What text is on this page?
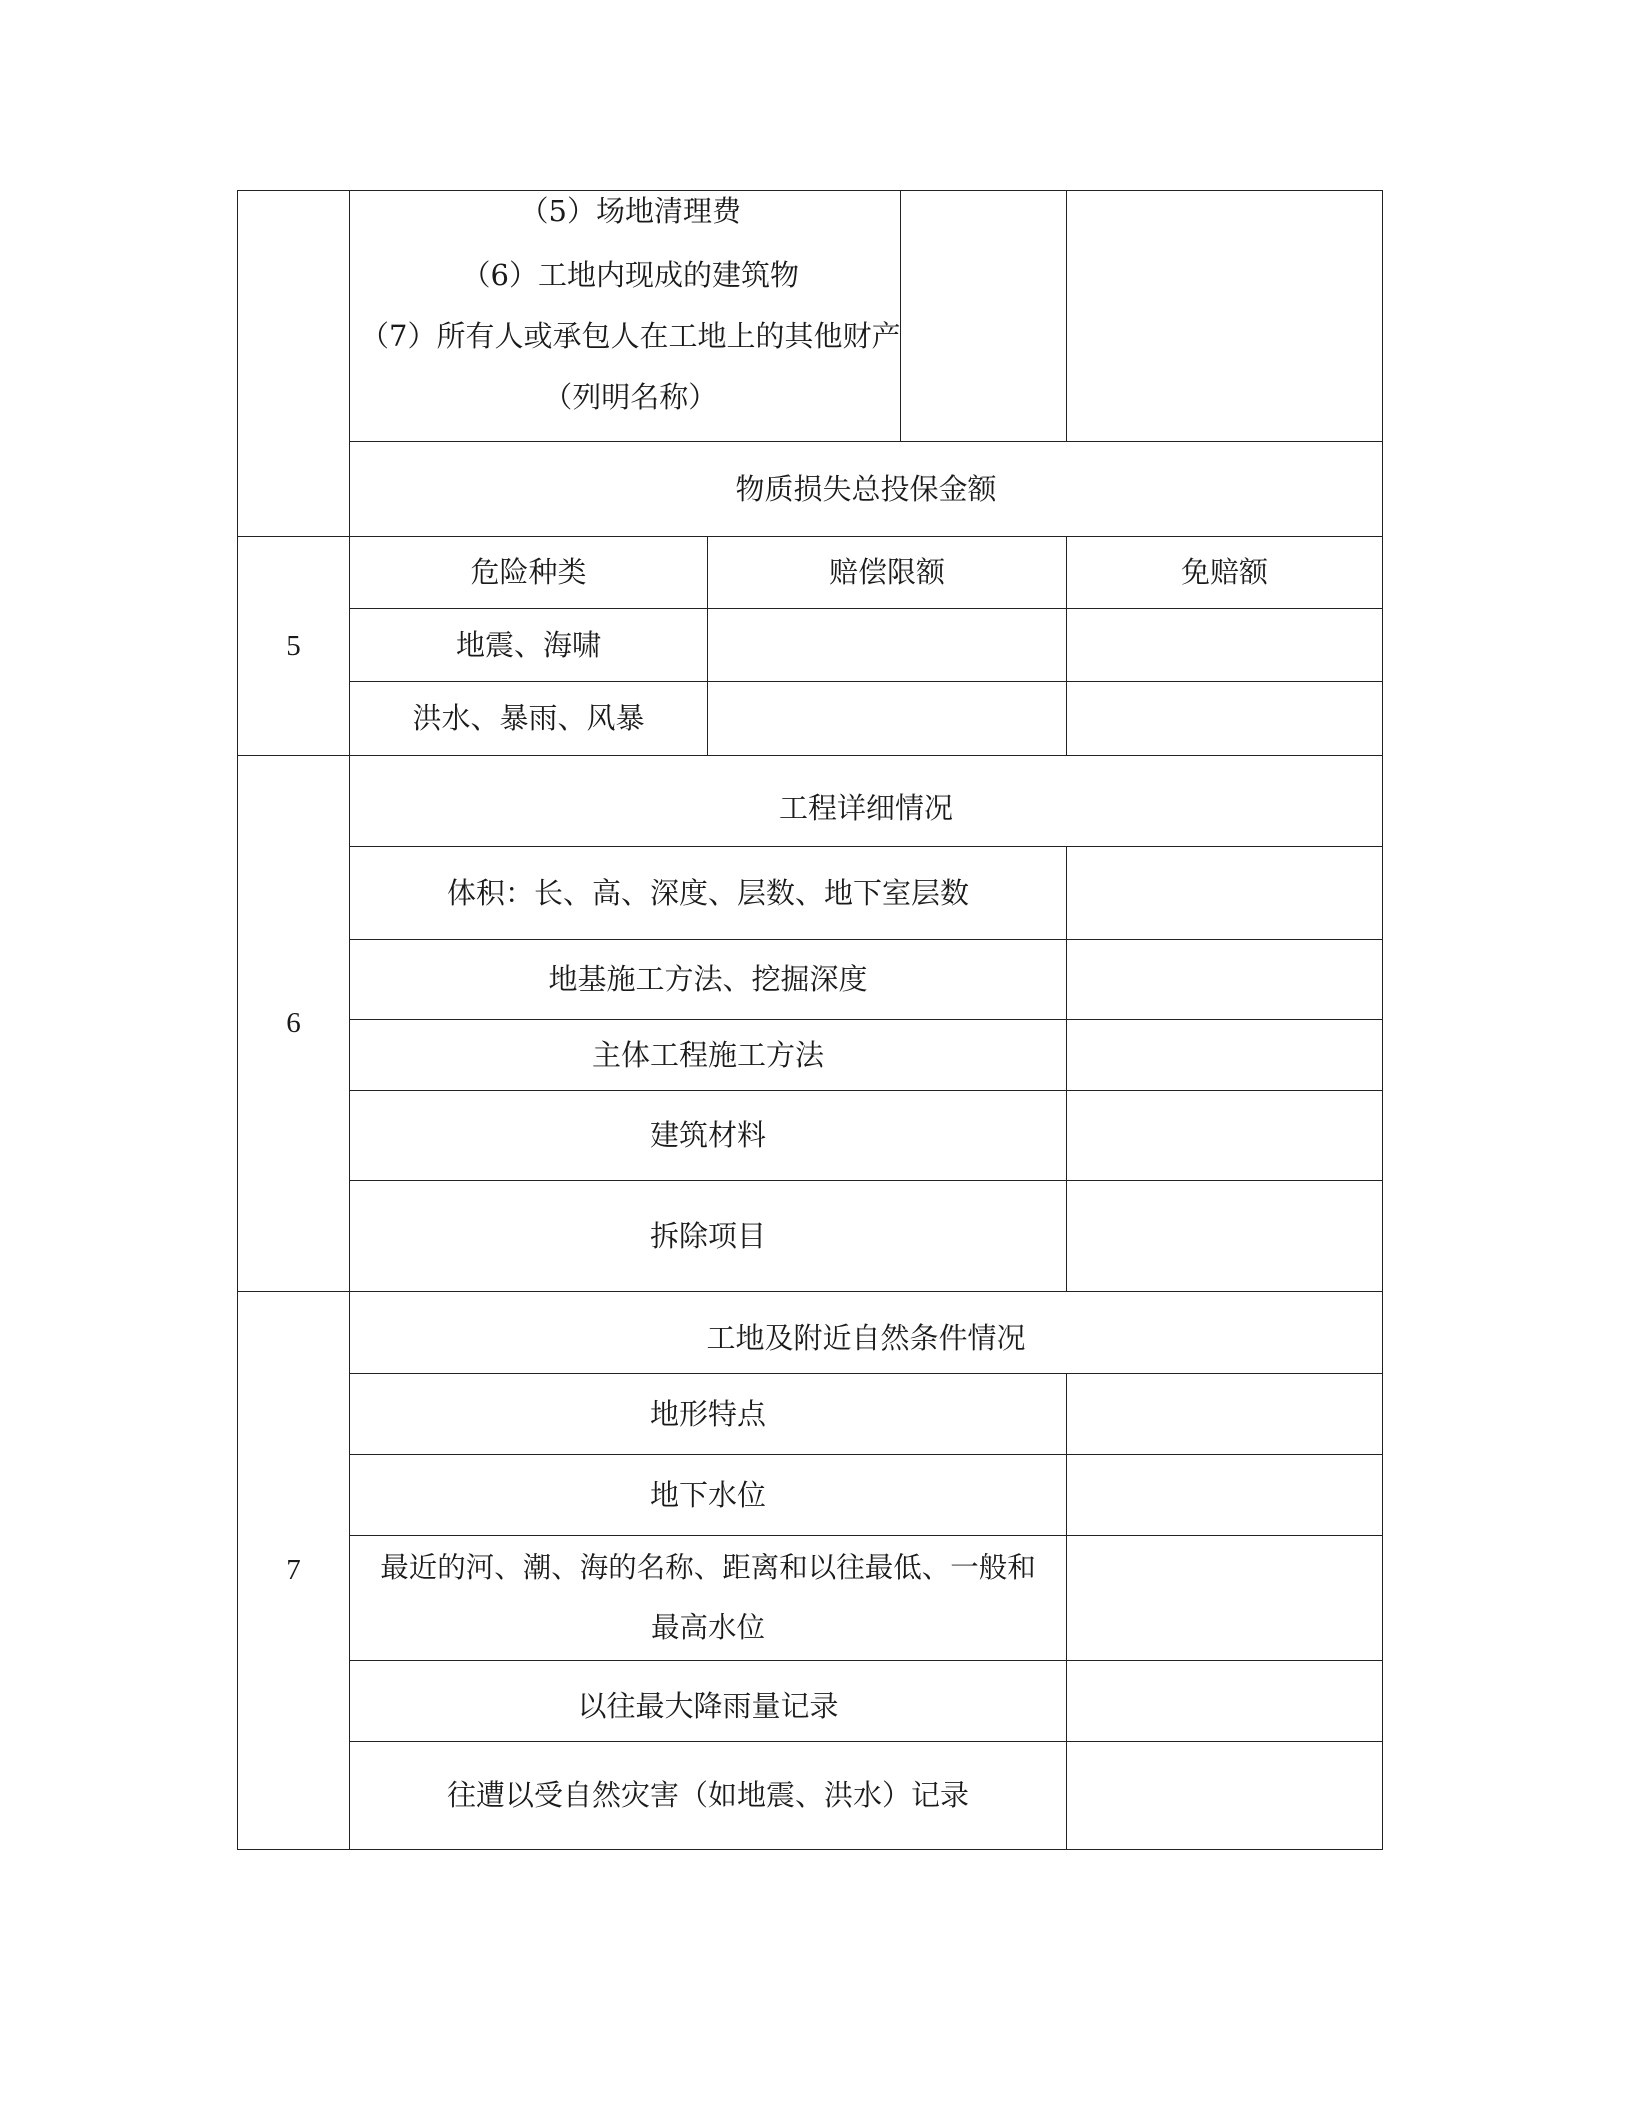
	（5）场地清理费
（6）工地内现成的建筑物
（7）所有人或承包人在工地上的其他财产
（列明名称）		

	物质损失总投保金额		
5	危险种类	赔偿限额	免赔额
	地震、海啸		
	洪水、暴雨、风暴		
6	工程详细情况		
	体积：长、高、深度、层数、地下室层数		
	地基施工方法、挖掘深度		
	主体工程施工方法		
	建筑材料		
	拆除项目		
7	工地及附近自然条件情况		
	地形特点		
	地下水位		

	最近的河、潮、海的名称、距离和以往最低、一般和
最高水位		

	以往最大降雨量记录		
	往遭以受自然灾害（如地震、洪水）记录		
